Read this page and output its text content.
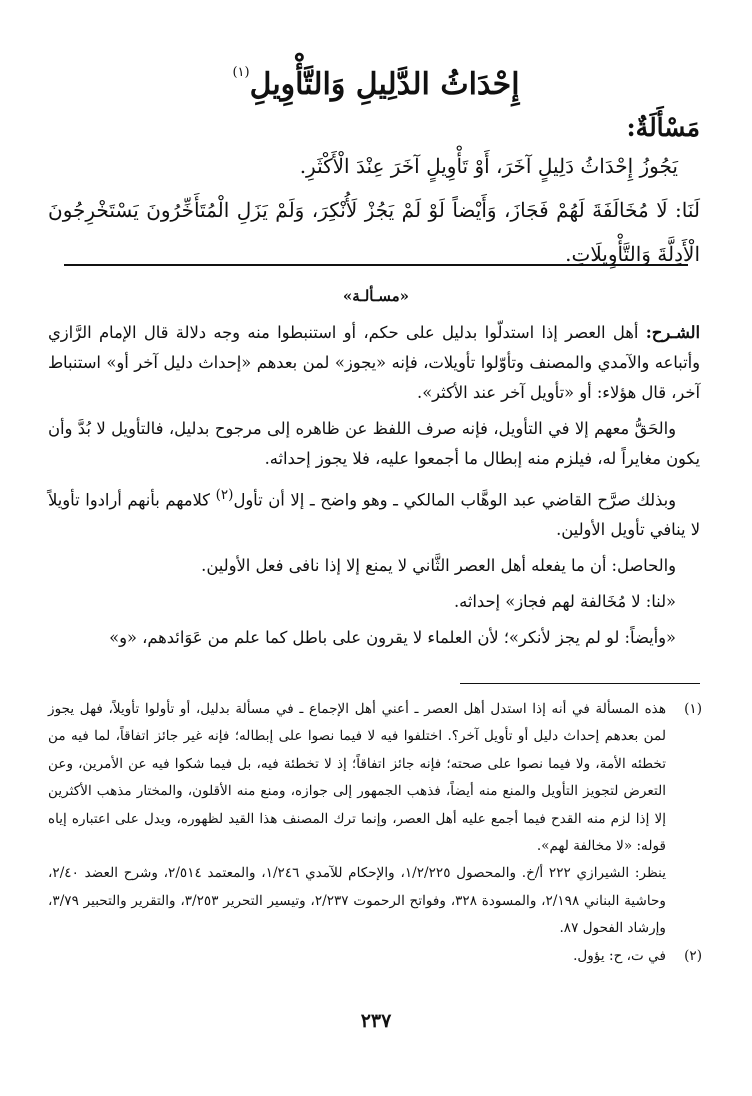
إِحْدَاثُ الدَّلِيلِ وَالتَّأْوِيلِ$^{(١)}$
مَسْأَلَةٌ:

يَجُوزُ إِحْدَاثُ دَلِيلٍ آخَرَ، أَوْ تَأْوِيلٍ آخَرَ عِنْدَ الْأَكْثَرِ.

لَنَا: لَا مُخَالَفَةَ لَهُمْ فَجَازَ، وَأَيْضاً لَوْ لَمْ يَجُزْ لَأُنْكِرَ، وَلَمْ يَزَلِ الْمُتَأَخِّرُونَ يَسْتَخْرِجُونَ الْأَدِلَّةَ وَالتَّأْوِيلَاتِ.

«مسـألـة»

الشـرح: أهل العصر إذا استدلّوا بدليل على حكم، أو استنبطوا منه وجه دلالة قال الإمام الرَّازي وأتباعه والآمدي والمصنف وتأوّلوا تأويلات، فإنه «يجوز» لمن بعدهم «إحداث دليل آخر أو» استنباط آخر، قال هؤلاء: أو «تأويل آخر عند الأكثر».

والحَقُّ معهم إلا في التأويل، فإنه صرف اللفظ عن ظاهره إلى مرجوح بدليل، فالتأويل لا بُدَّ وأن يكون مغايراً له، فيلزم منه إبطال ما أجمعوا عليه، فلا يجوز إحداثه.

وبذلك صرَّح القاضي عبد الوهَّاب المالكي ـ وهو واضح ـ إلا أن تأول$^{(٢)}$ كلامهم بأنهم أرادوا تأويلاً لا ينافي تأويل الأولين.

والحاصل: أن ما يفعله أهل العصر الثَّاني لا يمنع إلا إذا نافى فعل الأولين.

«لنا: لا مُخَالفة لهم فجاز» إحداثه.

«وأيضاً: لو لم يجز لأنكر»؛ لأن العلماء لا يقرون على باطل كما علم من عَوَائدهم، «و»

(١)

هذه المسألة في أنه إذا استدل أهل العصر ـ أعني أهل الإجماع ـ في مسألة بدليل، أو تأولوا تأويلاً، فهل يجوز لمن بعدهم إحداث دليل أو تأويل آخر؟. اختلفوا فيه لا فيما نصوا على إبطاله؛ فإنه غير جائز اتفاقاً، لما فيه من تخطئه الأمة، ولا فيما نصوا على صحته؛ فإنه جائز اتفاقاً؛ إذ لا تخطئة فيه، بل فيما شكوا فيه عن الأمرين، وعن التعرض لتجويز التأويل والمنع منه أيضاً، فذهب الجمهور إلى جوازه، ومنع منه الأقلون، والمختار مذهب الأكثرين إلا إذا لزم منه القدح فيما أجمع عليه أهل العصر، وإنما ترك المصنف هذا القيد لظهوره، ويدل على اعتباره إياه قوله: «لا مخالفة لهم».

ينظر: الشيرازي ٢٢٢ أ/خ. والمحصول ١/٢/٢٢٥، والإحكام للآمدي ١/٢٤٦، والمعتمد ٢/٥١٤، وشرح العضد ٢/٤٠، وحاشية البناني ٢/١٩٨، والمسودة ٣٢٨، وفواتح الرحموت ٢/٢٣٧، وتيسير التحرير ٣/٢٥٣، والتقرير والتحبير ٣/٧٩، وإرشاد الفحول ٨٧.

(٢)

في ت، ح: يؤول.

٢٣٧
